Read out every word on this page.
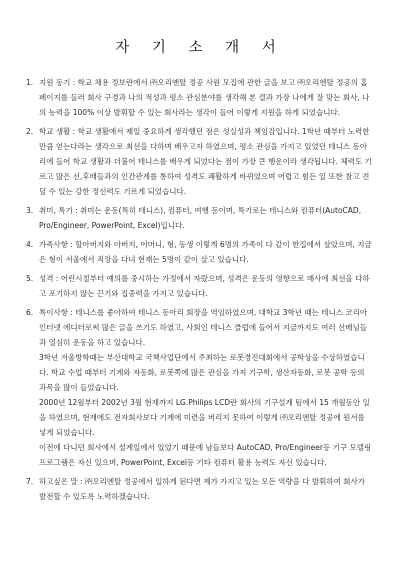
자 기 소 개 서
1. 지원 동기 : 학교 채용 정보란에서 ㈜오리엔탈 정공 사원 모집에 관한 글을 보고 ㈜오리엔탈 정공의 홈페이지를 들러 회사 구경과 나의 적성과 평소 관심분야를 생각해 본 결과 가장 나에게 잘 맞는 회사, 나의 능력을 100% 이상 발휘할 수 있는 회사라는 생각이 들어 이렇게 지원을 하게 되었습니다.

2. 학교 생활 : 학교 생활에서 제일 중요하게 생각했던 점은 성실성과 책임감입니다. 1학년 때부터 노력한 만큼 얻는다라는 생각으로 최선을 다하며 배우고자 하였으며, 평소 관심을 가지고 있었던 테니스 동아리에 들어 학교 생활과 더불어 테니스를 배우게 되었다는 점이 가장 큰 행운이라 생각됩니다. 체력도 기르고 많은 선,후배들과의 인간관계를 통하여 성격도 쾌활하게 바뀌었으며 어렵고 힘든 일 또한 참고 견딜 수 있는 강한 정신력도 기르게 되었습니다.

3. 취미, 특기 : 취미는 운동(특히 테니스), 컴퓨터, 여행 등이며, 특기로는 테니스와 컴퓨터(AutoCAD, Pro/Engineer, PowerPoint, Excel)입니다.

4. 가족사항 : 할아버지와 아버지, 어머니, 형, 동생 이렇게 6명의 가족이 다 같이 한집에서 살았으며, 지금은 형이 서울에서 직장을 다녀 현재는 5명이 같이 살고 있습니다.

5. 성격 : 어린시절부터 예의를 중시하는 가정에서 자랐으며, 성격은 운동의 영향으로 매사에 최선을 다하고 포기하지 않는 끈기와 집중력을 가지고 있습니다.

6. 특이사항 : 테니스를 좋아하여 테니스 동아리 회장을 역임하였으며, 대학교 3학년 때는 테니스 코리아 인터넷 에디터로써 많은 글을 쓰기도 하였고, 사회인 테니스 클럽에 들어서 지금까지도 여러 선배님들과 열심히 운동을 하고 있습니다.

3학년 겨울방학때는 부산대학교 국책사업단에서 주최하는 로봇경진대회에서 공학상을 수상하였습니다. 학교 수업 때부터 기계와 자동화, 로봇쪽에 많은 관심을 가져 기구학, 생산자동화, 로봇 공학 등의 과목을 많이 들었습니다.

2000년 12월부터 2002년 3월 현재까지 LG.Philips LCD란 회사의 기구설계 팀에서 15 개월동안 일을 하였으며, 현재에도 전자회사보다 기계에 미련을 버리지 못하여 이렇게 ㈜오리엔탈 정공에 원서를 넣게 되었습니다.

이전에 다니던 회사에서 설계일에서 있었기 때문에 남들보다 AutoCAD, Pro/Engineer등 기구 모델링 프로그램은 자신 있으며, PowerPoint, Excel등 기타 컴퓨터 활용 능력도 자신 있습니다.

7. 하고싶은 말 : ㈜오리엔탈 정공에서 일하게 된다면 제가 가지고 있는 모든 역량을 다 발휘하여 회사가 발전할 수 있도록 노력하겠습니다.
